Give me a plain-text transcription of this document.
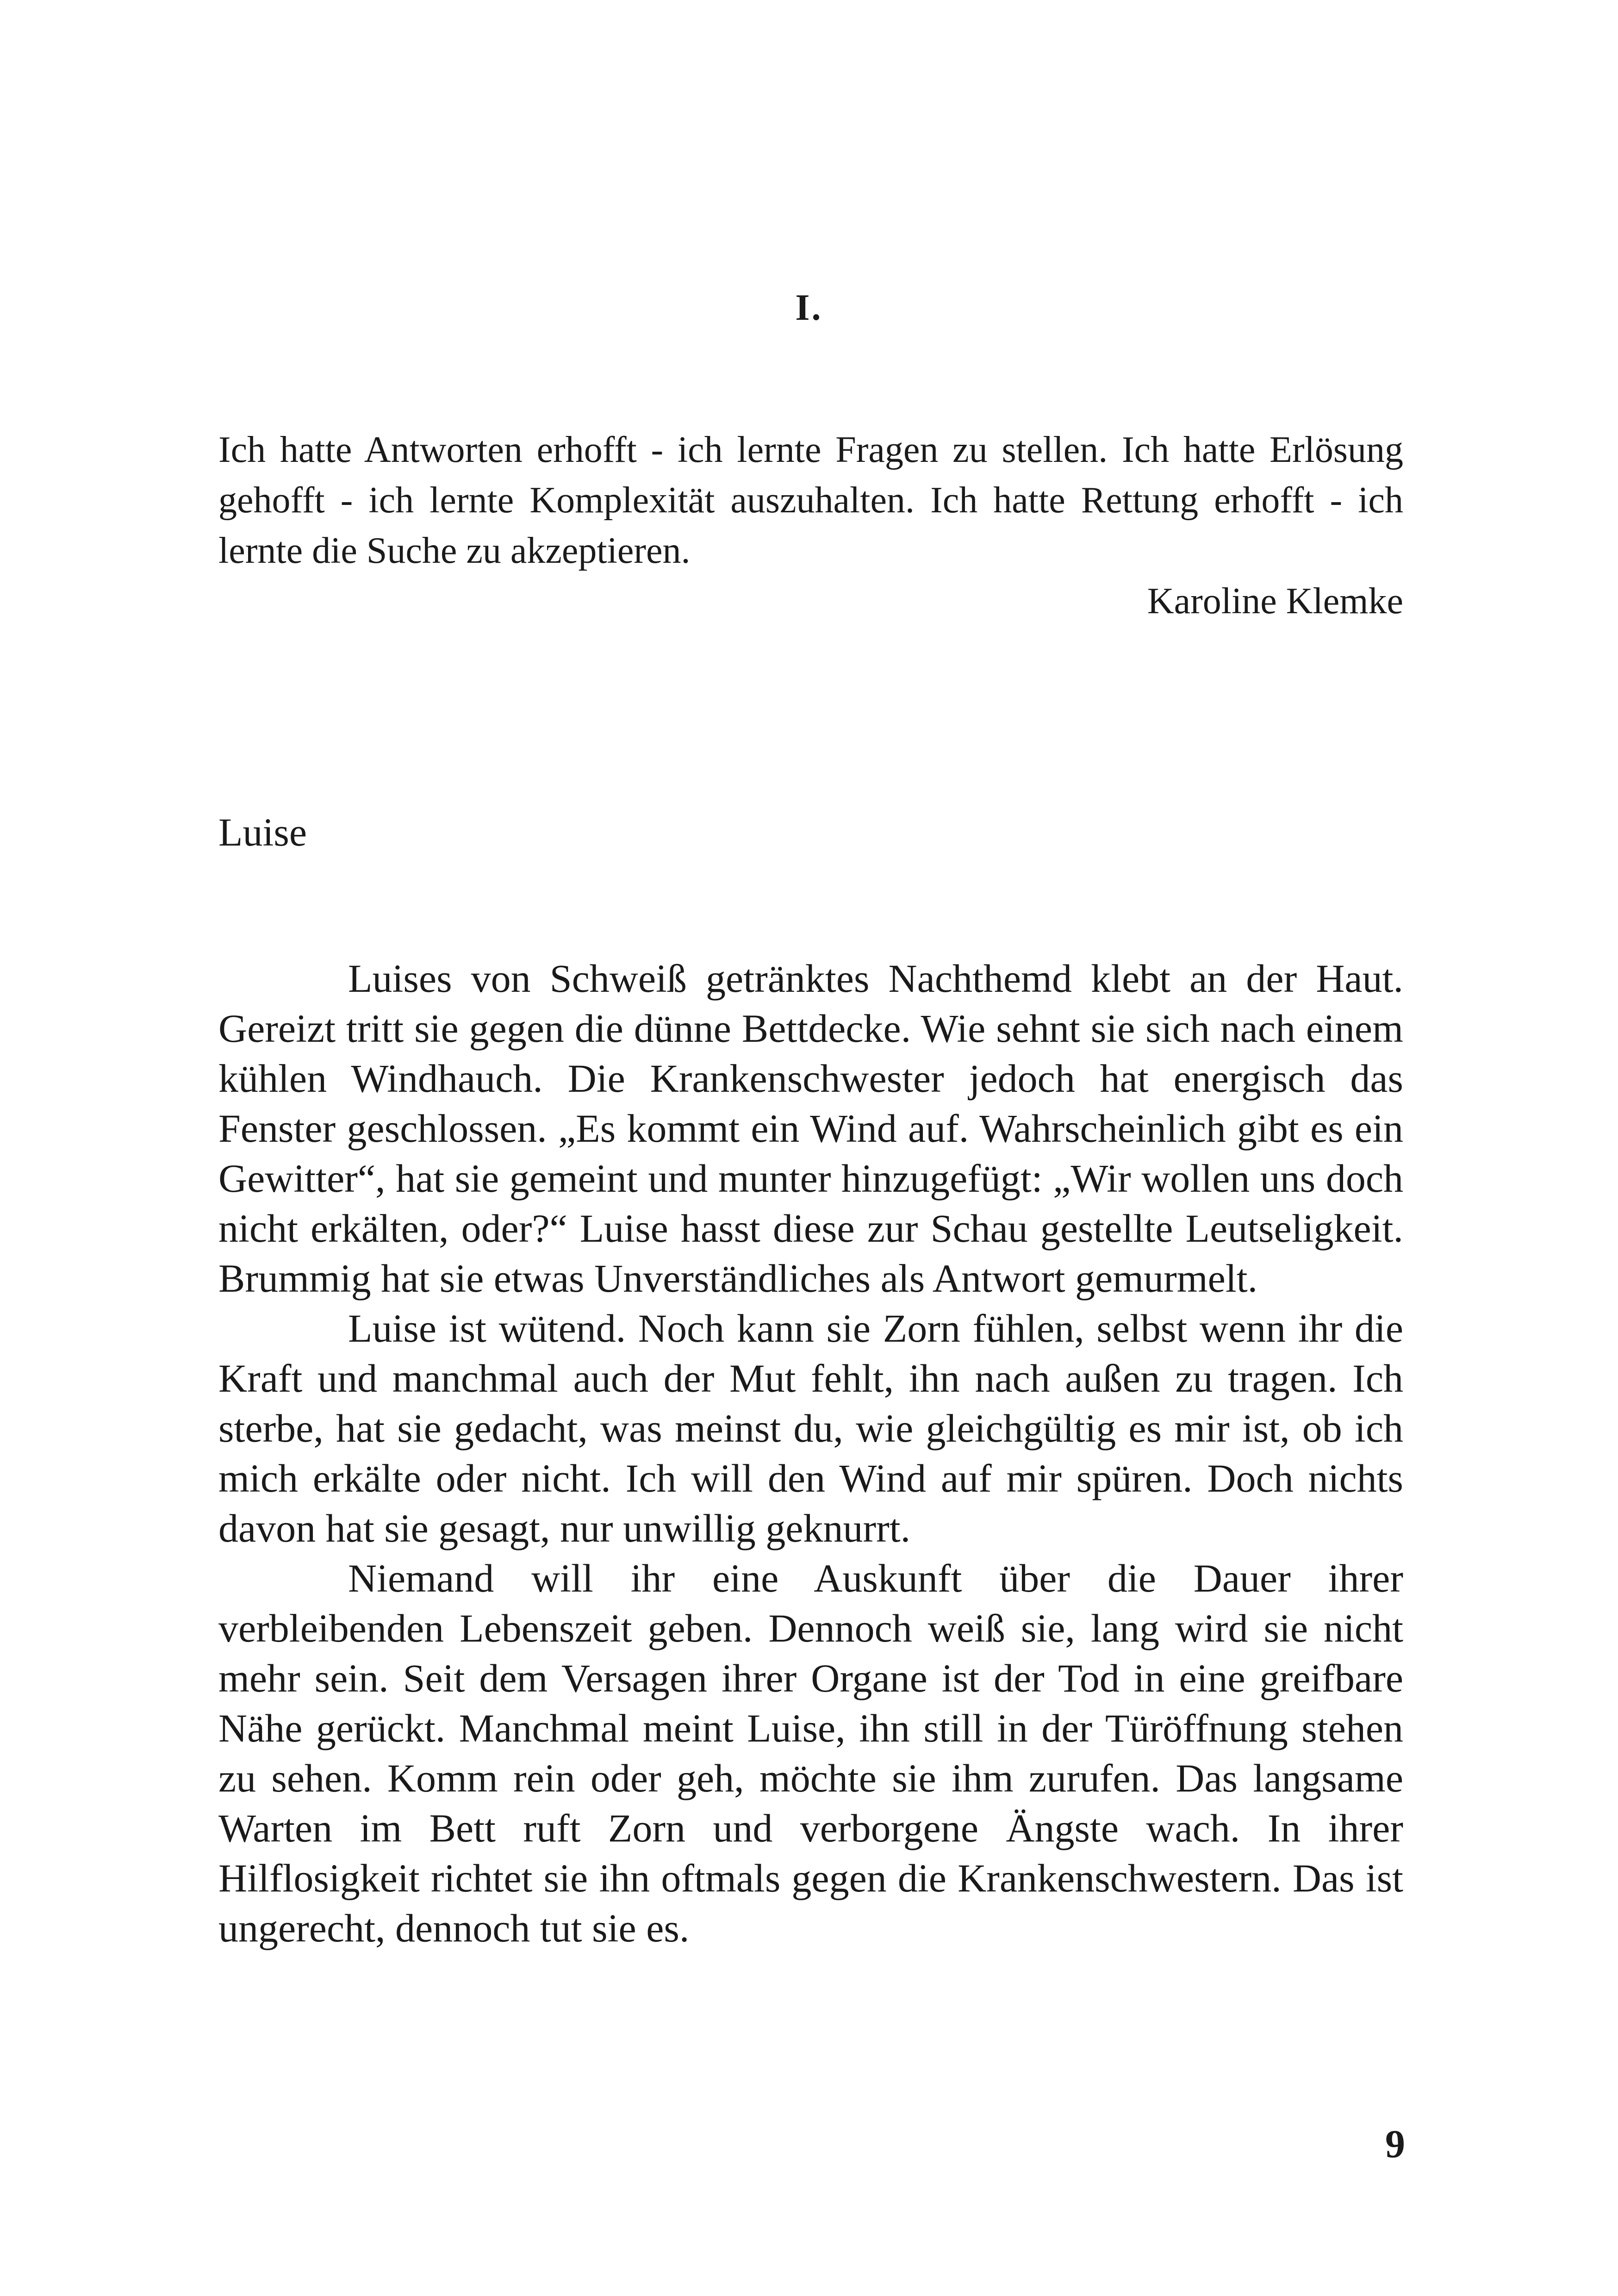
I.

Ich hatte Antworten erhofft - ich lernte Fragen zu stellen. Ich hatte Erlösung gehofft - ich lernte Komplexität auszuhalten. Ich hatte Rettung erhofft - ich lernte die Suche zu akzeptieren.

Karoline Klemke

Luise

Luises von Schweiß getränktes Nachthemd klebt an der Haut. Gereizt tritt sie gegen die dünne Bettdecke. Wie sehnt sie sich nach einem kühlen Windhauch. Die Krankenschwester jedoch hat energisch das Fenster geschlossen. „Es kommt ein Wind auf. Wahrscheinlich gibt es ein Gewitter“, hat sie gemeint und munter hinzugefügt: „Wir wollen uns doch nicht erkälten, oder?“ Luise hasst diese zur Schau gestellte Leutseligkeit. Brummig hat sie etwas Unverständliches als Antwort gemurmelt.

Luise ist wütend. Noch kann sie Zorn fühlen, selbst wenn ihr die Kraft und manchmal auch der Mut fehlt, ihn nach außen zu tragen. Ich sterbe, hat sie gedacht, was meinst du, wie gleichgültig es mir ist, ob ich mich erkälte oder nicht. Ich will den Wind auf mir spüren. Doch nichts davon hat sie gesagt, nur unwillig geknurrt.

Niemand will ihr eine Auskunft über die Dauer ihrer verbleibenden Lebenszeit geben. Dennoch weiß sie, lang wird sie nicht mehr sein. Seit dem Versagen ihrer Organe ist der Tod in eine greifbare Nähe gerückt. Manchmal meint Luise, ihn still in der Türöffnung stehen zu sehen. Komm rein oder geh, möchte sie ihm zurufen. Das langsame Warten im Bett ruft Zorn und verborgene Ängste wach. In ihrer Hilflosigkeit richtet sie ihn oftmals gegen die Krankenschwestern. Das ist ungerecht, dennoch tut sie es.

9
